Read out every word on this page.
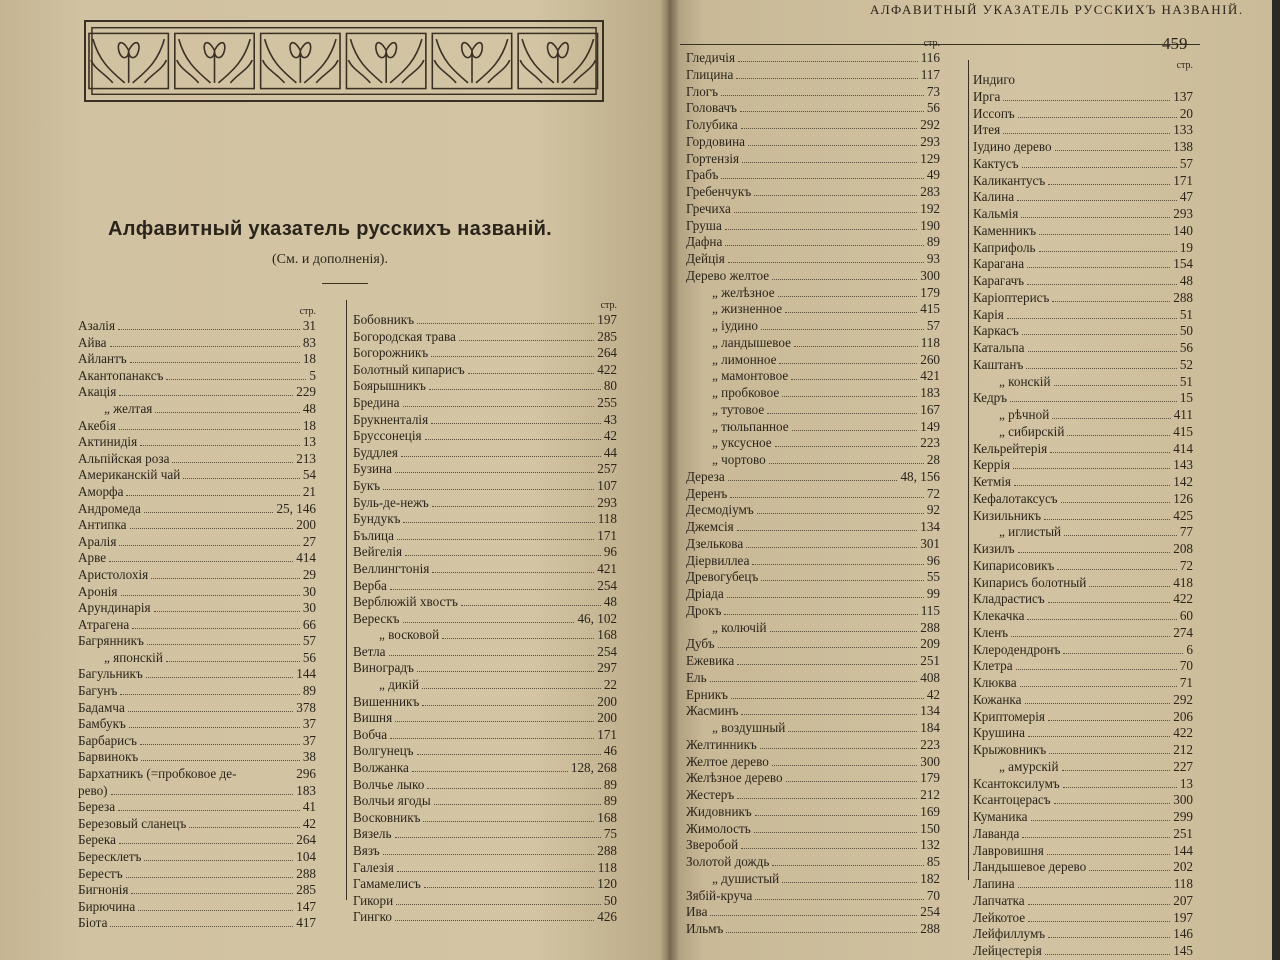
Алфавитный указатель русскихъ названій.
(См. и дополненія).
стр.
Азалія	31
Айва	83
Айлантъ	18
Акантопанаксъ	5
Акація	229
„ желтая	48
Акебія	18
Актинидія	13
Альпійская роза	213
Американскій чай	54
Аморфа	21
Андромеда	25, 146
Антипка	200
Аралія	27
Арве	414
Аристолохія	29
Аронія	30
Арундинарія	30
Атрагена	66
Багрянникъ	57
„ японскій	56
Багульникъ	144
Багунъ	89
Бадамча	378
Бамбукъ	37
Барбарисъ	37
Барвинокъ	38
Бархатникъ (=пробковое де-	296
рево)	183
Береза	41
Березовый сланецъ	42
Берека	264
Бересклетъ	104
Берестъ	288
Бигнонія	285
Бирючина	147
Біота	417
стр.
Бобовникъ	197
Богородская трава	285
Богорожникъ	264
Болотный кипарисъ	422
Боярышникъ	80
Бредина	255
Брукненталія	43
Бруссонеція	42
Буддлея	44
Бузина	257
Букъ	107
Буль-де-нежъ	293
Бундукъ	118
Бълица	171
Вейгелія	96
Веллингтонія	421
Верба	254
Верблюжій хвостъ	48
Верескъ	46, 102
„ восковой	168
Ветла	254
Виноградъ	297
„ дикій	22
Вишенникъ	200
Вишня	200
Вобча	171
Волгунецъ	46
Волжанка	128, 268
Волчье лыко	89
Волчьи ягоды	89
Восковникъ	168
Вязель	75
Вязъ	288
Галезія	118
Гамамелисъ	120
Гикори	50
Гингко	426
АЛФАВИТНЫЙ УКАЗАТЕЛЬ РУССКИХЪ НАЗВАНІЙ.
459
стр.
Гледичія	116
Глицина	117
Глогъ	73
Головачъ	56
Голубика	292
Гордовина	293
Гортензія	129
Грабъ	49
Гребенчукъ	283
Гречиха	192
Груша	190
Дафна	89
Дейція	93
Дерево желтое	300
„ желѣзное	179
„ жизненное	415
„ іудино	57
„ ландышевое	118
„ лимонное	260
„ мамонтовое	421
„ пробковое	183
„ тутовое	167
„ тюльпанное	149
„ уксусное	223
„ чортово	28
Дереза	48, 156
Деренъ	72
Десмодіумъ	92
Джемсія	134
Дзелькова	301
Діервиллеа	96
Древогубецъ	55
Дріада	99
Дрокъ	115
„ колючій	288
Дубъ	209
Ежевика	251
Ель	408
Ерникъ	42
Жасминъ	134
„ воздушный	184
Желтинникъ	223
Желтое дерево	300
Желѣзное дерево	179
Жестеръ	212
Жидовникъ	169
Жимолость	150
Зверобой	132
Золотой дождь	85
„ душистый	182
Зябій-круча	70
Ива	254
Ильмъ	288
стр.
Индиго
Ирга	137
Иссопъ	20
Итея	133
Іудино дерево	138
Кактусъ	57
Каликантусъ	171
Калина	47
Кальмія	293
Каменникъ	140
Каприфоль	19
Карагана	154
Карагачъ	48
Каріоптерисъ	288
Карія	51
Каркасъ	50
Катальпа	56
Каштанъ	52
„ конскій	51
Кедръ	15
„ рѣчной	411
„ сибирскій	415
Кельрейтерія	414
Керрія	143
Кетмія	142
Кефалотаксусъ	126
Кизильникъ	425
„ иглистый	77
Кизилъ	208
Кипарисовикъ	72
Кипарисъ болотный	418
Кладрастисъ	422
Клекачка	60
Кленъ	274
Клеродендронъ	6
Клетра	70
Клюква	71
Кожанка	292
Криптомерія	206
Крушина	422
Крыжовникъ	212
„ амурскій	227
Ксантоксилумъ	13
Ксантоцерасъ	300
Куманика	299
Лаванда	251
Лавровишня	144
Ландышевое дерево	202
Лапина	118
Лапчатка	207
Лейкотое	197
Лейфиллумъ	146
Лейцестерія	145
